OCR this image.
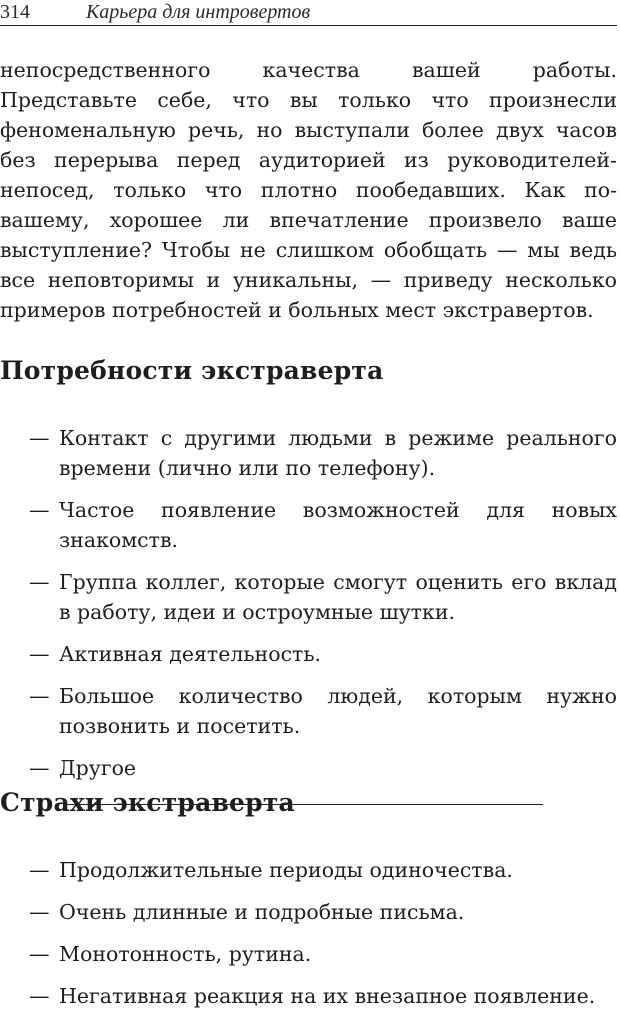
314	Карьера для интровертов

непосредственного качества вашей работы. Представьте себе, что вы только что произнесли феноменальную речь, но выступали более двух часов без перерыва перед аудиторией из руководителей-непосед, только что плотно пообедавших. Как по-вашему, хорошее ли впечатление произвело ваше выступление? Чтобы не слишком обобщать — мы ведь все неповторимы и уникальны, — приведу несколько примеров потребностей и больных мест экстравертов.

Потребности экстраверта
— Контакт с другими людьми в режиме реального времени (лично или по телефону).
— Частое появление возможностей для новых знакомств.
— Группа коллег, которые смогут оценить его вклад в работу, идеи и остроумные шутки.
— Активная деятельность.
— Большое количество людей, которым нужно позвонить и посетить.
— Другое
Страхи экстраверта
— Продолжительные периоды одиночества.
— Очень длинные и подробные письма.
— Монотонность, рутина.
— Негативная реакция на их внезапное появление.
